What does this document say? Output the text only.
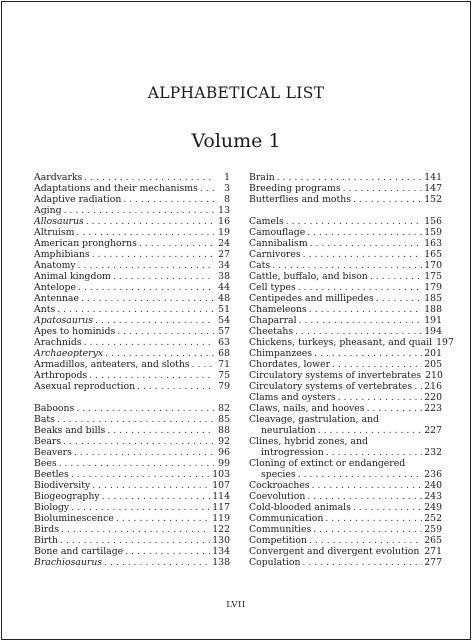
ALPHABETICAL LIST
Volume 1
Aardvarks . . .	1
Adaptations and their mechanisms . . .	3
Adaptive radiation . . .	8
Aging . . .	13
Allosaurus . . .	16
Altruism . . .	19
American pronghorns . . .	24
Amphibians . . .	27
Anatomy . . .	34
Animal kingdom . . .	38
Antelope . . .	44
Antennae . . .	48
Ants . . .	51
Apatosaurus . . .	54
Apes to hominids . . .	57
Arachnids . . .	63
Archaeopteryx . . .	68
Armadillos, anteaters, and sloths . . .	71
Arthropods . . .	75
Asexual reproduction . . .	79
Baboons . . .	82
Bats . . .	85
Beaks and bills . . .	88
Bears . . .	92
Beavers . . .	96
Bees . . .	99
Beetles . . .	103
Biodiversity . . .	107
Biogeography . . .	114
Biology . . .	117
Bioluminescence . . .	119
Birds . . .	122
Birth . . .	130
Bone and cartilage . . .	134
Brachiosaurus . . .	138
Brain . . .	141
Breeding programs . . .	147
Butterflies and moths . . .	152
Camels . . .	156
Camouflage . . .	159
Cannibalism . . .	163
Carnivores . . .	165
Cats . . .	170
Cattle, buffalo, and bison . . .	175
Cell types . . .	179
Centipedes and millipedes . . .	185
Chameleons . . .	188
Chaparral . . .	191
Cheetahs . . .	194
Chickens, turkeys, pheasant, and quail 197
Chimpanzees . . .	201
Chordates, lower . . .	205
Circulatory systems of invertebrates 210
Circulatory systems of vertebrates . . . 216
Clams and oysters . . .	220
Claws, nails, and hooves . . .	223
Cleavage, gastrulation, and
neurulation . . .	227
Clines, hybrid zones, and
introgression . . .	232
Cloning of extinct or endangered
species . . .	236
Cockroaches . . .	240
Coevolution . . .	243
Cold-blooded animals . . .	249
Communication . . .	252
Communities . . .	259
Competition . . .	265
Convergent and divergent evolution . . . 271
Copulation . . .	277
LVII
